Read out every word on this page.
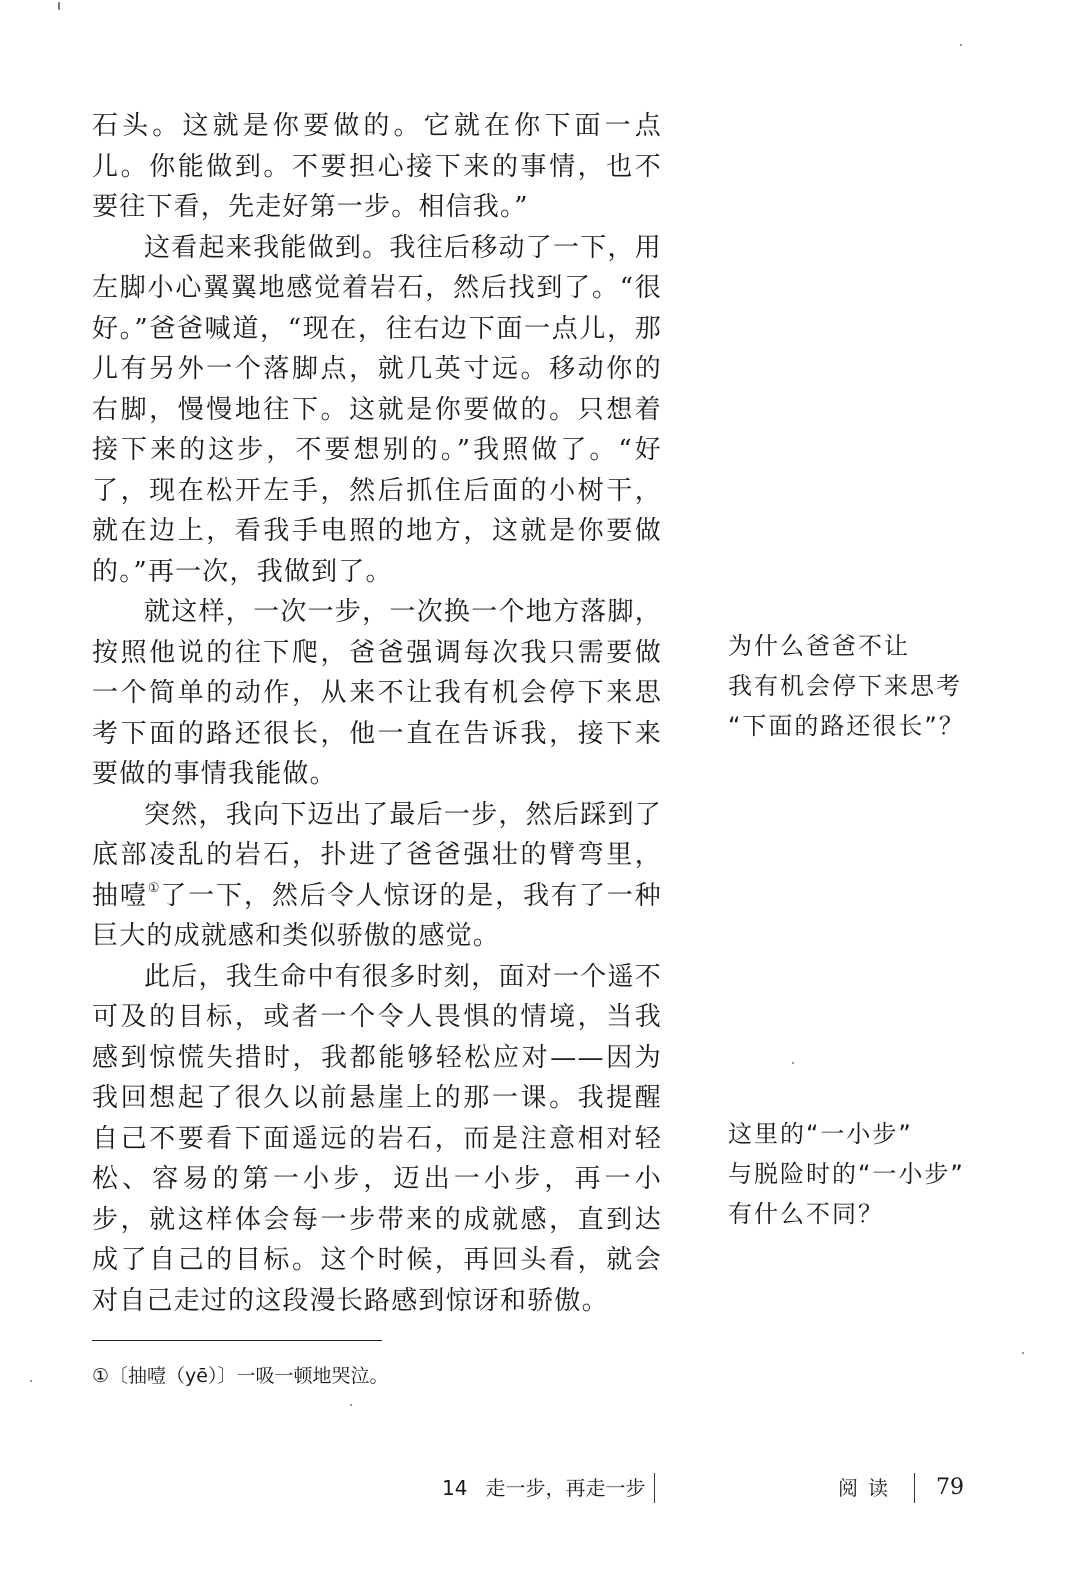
石头。这就是你要做的。它就在你下面一点儿。你能做到。不要担心接下来的事情，也不要往下看，先走好第一步。相信我。”

这看起来我能做到。我往后移动了一下，用左脚小心翼翼地感觉着岩石，然后找到了。“很好。”爸爸喊道，“现在，往右边下面一点儿，那儿有另外一个落脚点，就几英寸远。移动你的右脚，慢慢地往下。这就是你要做的。只想着接下来的这步，不要想别的。”我照做了。“好了，现在松开左手，然后抓住后面的小树干，就在边上，看我手电照的地方，这就是你要做的。”再一次，我做到了。

就这样，一次一步，一次换一个地方落脚，按照他说的往下爬，爸爸强调每次我只需要做一个简单的动作，从来不让我有机会停下来思考下面的路还很长，他一直在告诉我，接下来要做的事情我能做。

突然，我向下迈出了最后一步，然后踩到了底部凌乱的岩石，扑进了爸爸强壮的臂弯里，抽噎①了一下，然后令人惊讶的是，我有了一种巨大的成就感和类似骄傲的感觉。

此后，我生命中有很多时刻，面对一个遥不可及的目标，或者一个令人畏惧的情境，当我感到惊慌失措时，我都能够轻松应对——因为我回想起了很久以前悬崖上的那一课。我提醒自己不要看下面遥远的岩石，而是注意相对轻松、容易的第一小步，迈出一小步，再一小步，就这样体会每一步带来的成就感，直到达成了自己的目标。这个时候，再回头看，就会对自己走过的这段漫长路感到惊讶和骄傲。

为什么爸爸不让
我有机会停下来思考
“下面的路还很长”？
这里的“一小步”
与脱险时的“一小步”
有什么不同？
①〔抽噎（yē）〕一吸一顿地哭泣。
14 走一步，再走一步	阅读 79
